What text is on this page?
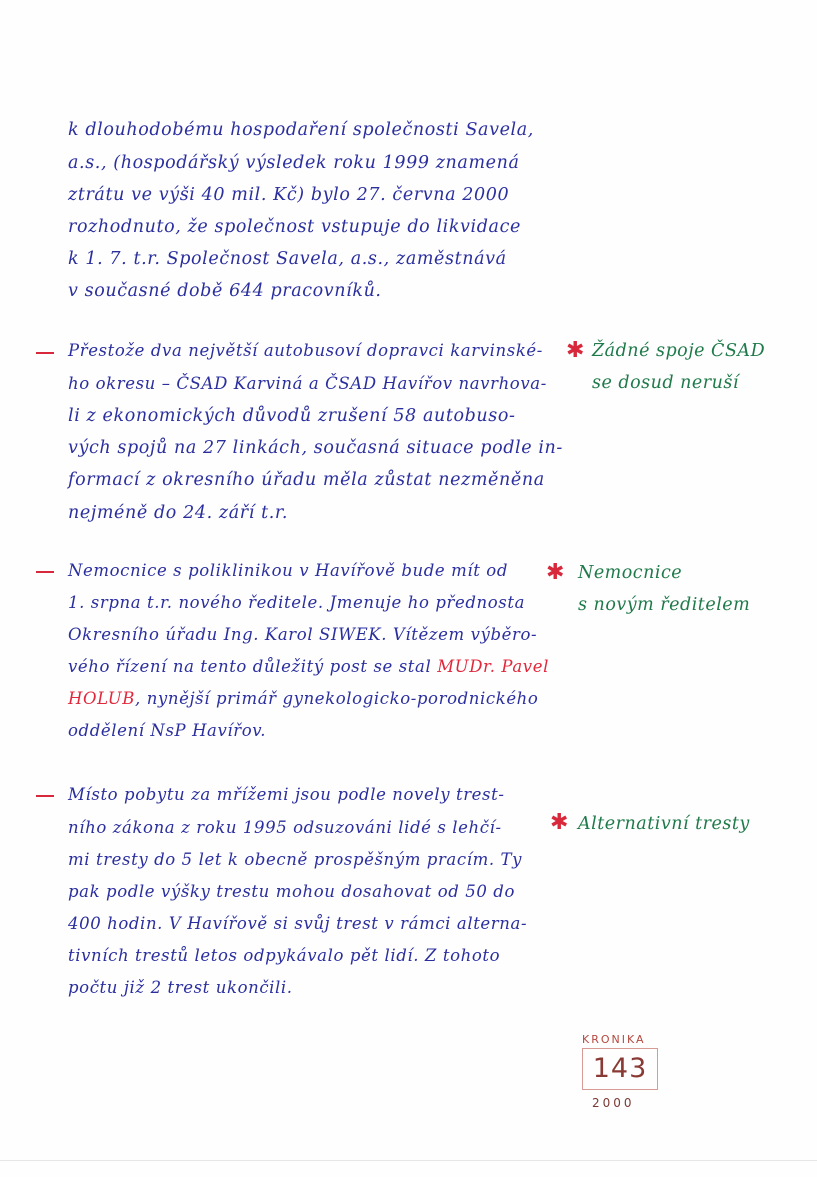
k dlouhodobému hospodaření společnosti Savela,
a.s., (hospodářský výsledek roku 1999 znamená
ztrátu ve výši 40 mil. Kč) bylo 27. června 2000
rozhodnuto, že společnost vstupuje do likvidace
k 1. 7. t.r. Společnost Savela, a.s., zaměstnává
v současné době 644 pracovníků.
Přestože dva největší autobusoví dopravci karvinské-
ho okresu – ČSAD Karviná a ČSAD Havířov navrhova-
li z ekonomických důvodů zrušení 58 autobuso-
vých spojů na 27 linkách, současná situace podle in-
formací z okresního úřadu měla zůstat nezměněna
nejméně do 24. září t.r.
✱ Žádné spoje ČSAD
se dosud neruší
Nemocnice s poliklinikou v Havířově bude mít od
1. srpna t.r. nového ředitele. Jmenuje ho přednosta
Okresního úřadu Ing. Karol SIWEK. Vítězem výběro-
vého řízení na tento důležitý post se stal MUDr. Pavel
HOLUB, nynější primář gynekologicko-porodnického
oddělení NsP Havířov.
✱ Nemocnice
s novým ředitelem
Místo pobytu za mřížemi jsou podle novely trest-
ního zákona z roku 1995 odsuzováni lidé s lehčí-
mi tresty do 5 let k obecně prospěšným pracím. Ty
pak podle výšky trestu mohou dosahovat od 50 do
400 hodin. V Havířově si svůj trest v rámci alterna-
tivních trestů letos odpykávalo pět lidí. Z tohoto
počtu již 2 trest ukončili.
✱ Alternativní tresty
KRONIKA
143
2000
